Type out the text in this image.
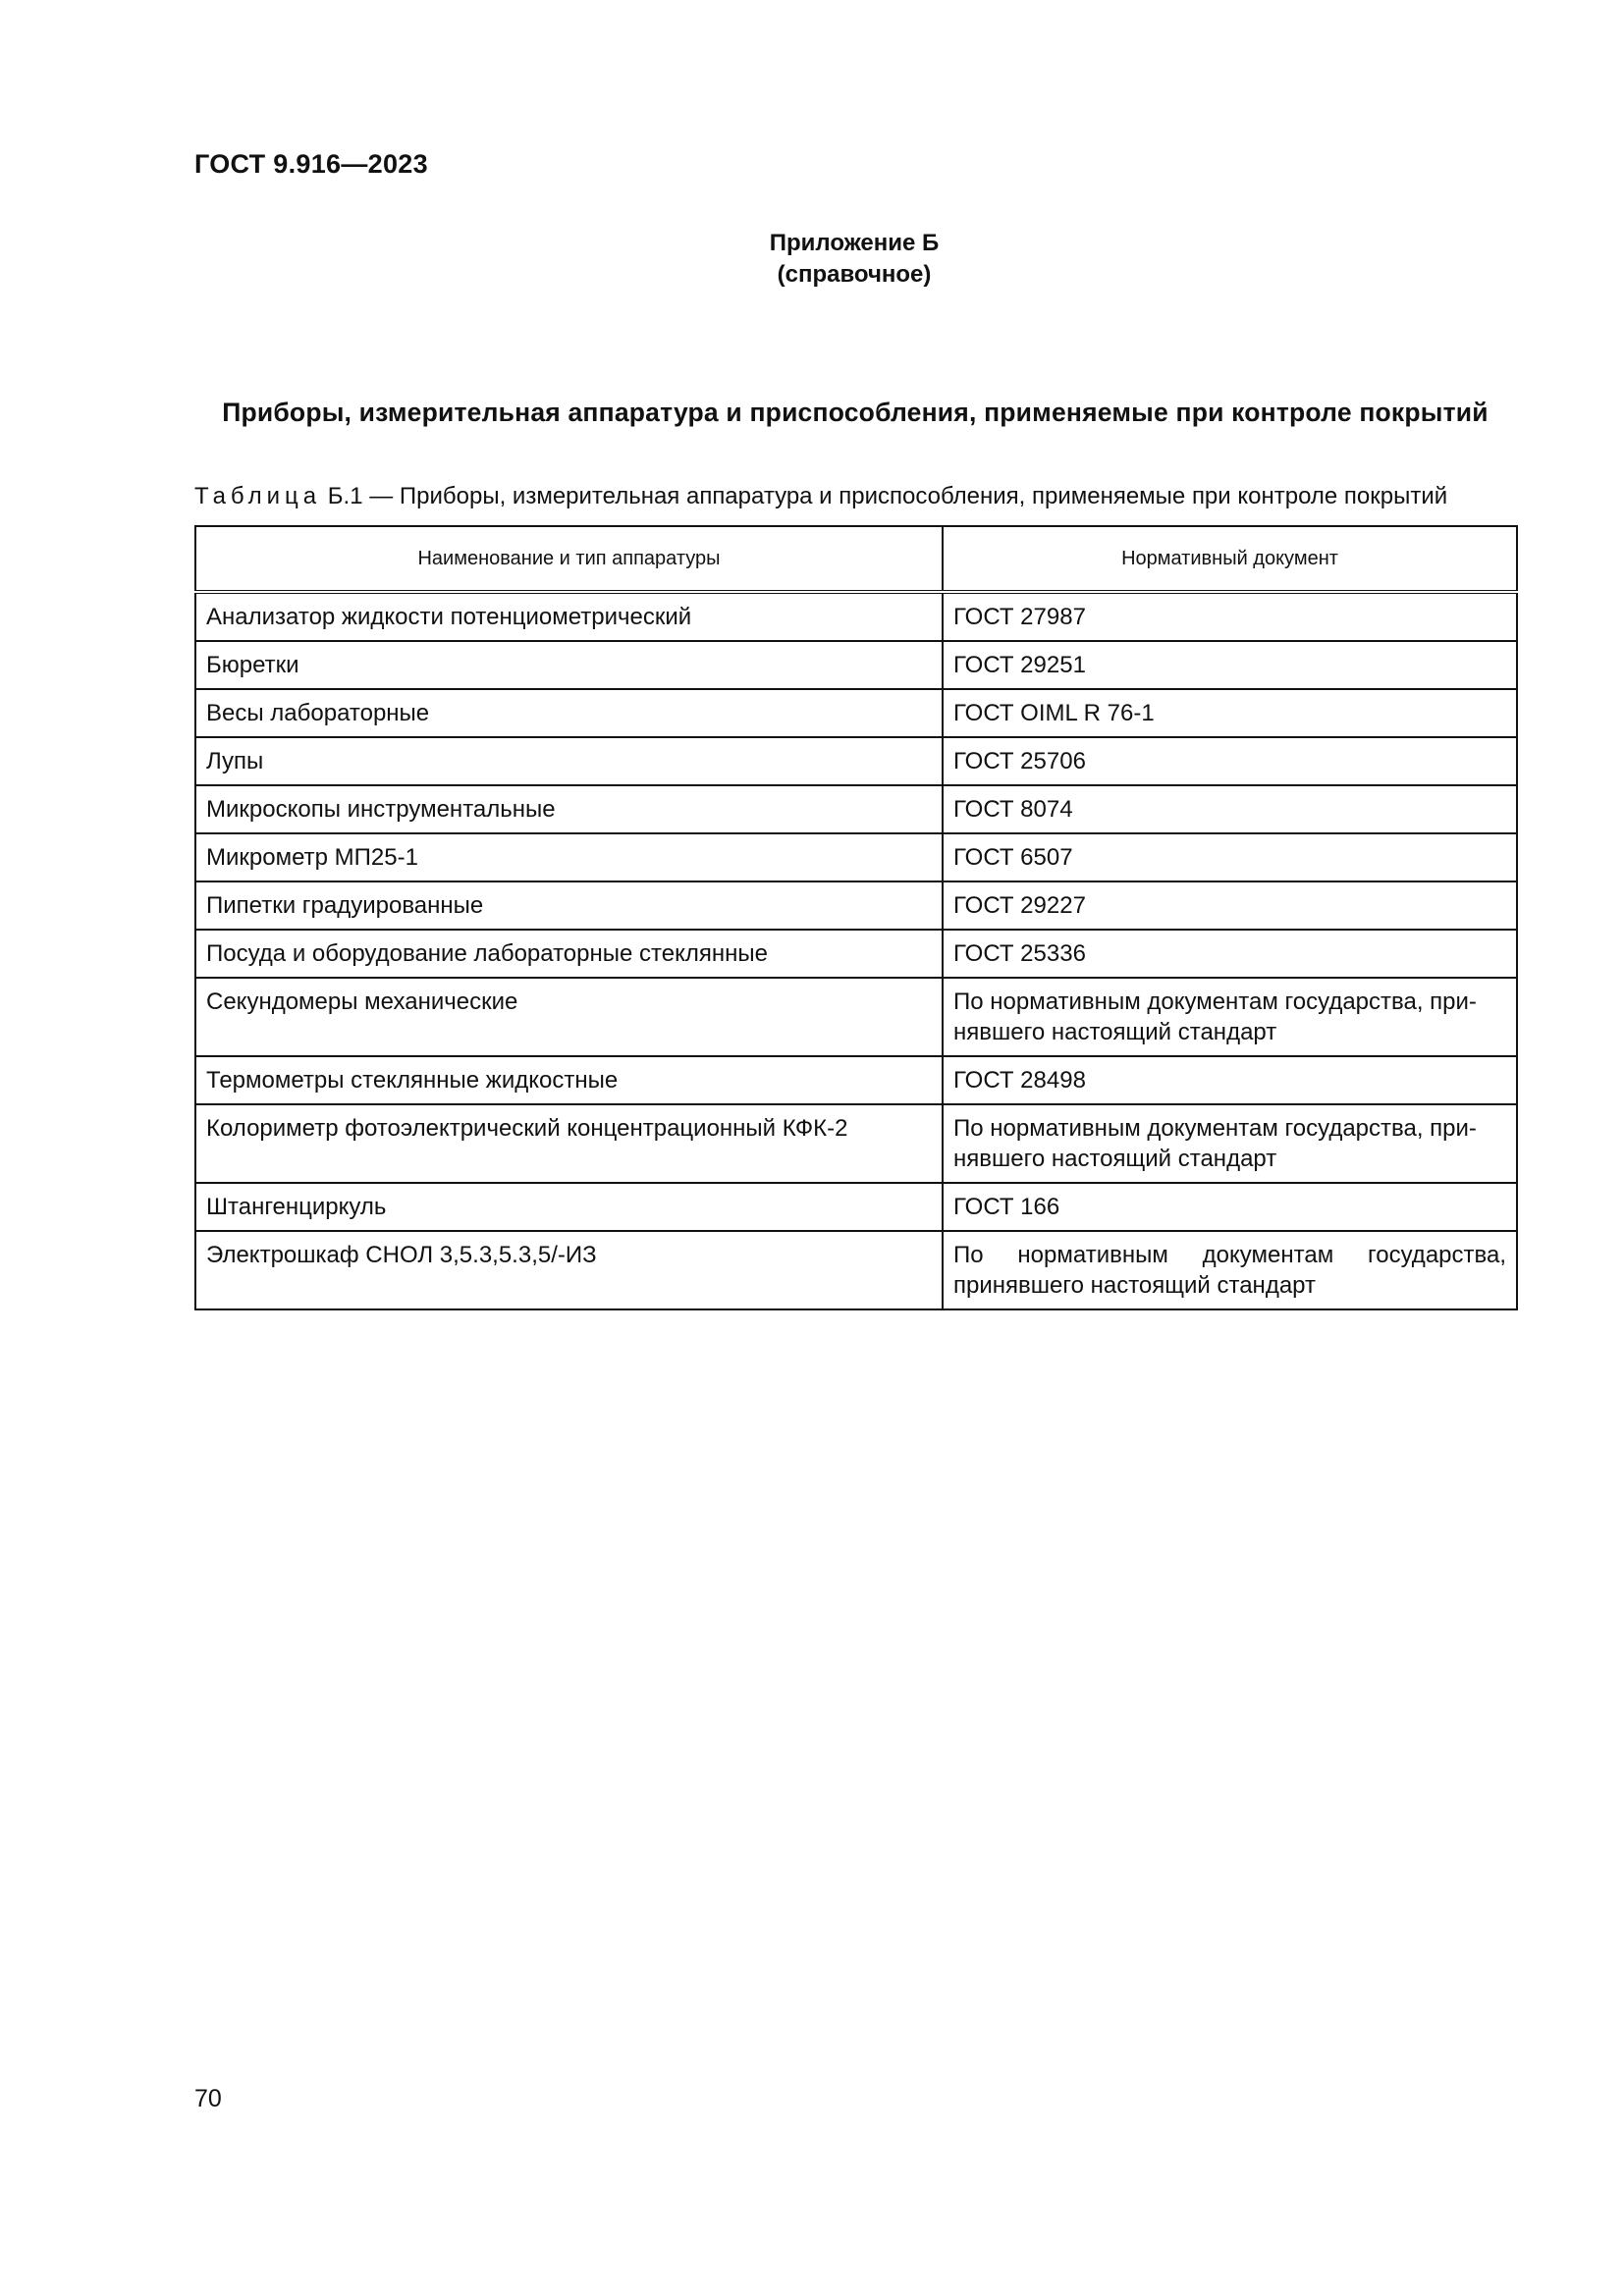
ГОСТ 9.916—2023
Приложение Б
(справочное)
Приборы, измерительная аппаратура и приспособления, применяемые при контроле покрытий
Таблица Б.1 — Приборы, измерительная аппаратура и приспособления, применяемые при контроле покрытий
Наименование и тип аппаратуры	Нормативный документ
Анализатор жидкости потенциометрический	ГОСТ 27987
Бюретки	ГОСТ 29251
Весы лабораторные	ГОСТ OIML R 76-1
Лупы	ГОСТ 25706
Микроскопы инструментальные	ГОСТ 8074
Микрометр МП25-1	ГОСТ 6507
Пипетки градуированные	ГОСТ 29227
Посуда и оборудование лабораторные стеклянные	ГОСТ 25336
Секундомеры механические	По нормативным документам государства, при-нявшего настоящий стандарт
Термометры стеклянные жидкостные	ГОСТ 28498
Колориметр фотоэлектрический концентрационный КФК-2	По нормативным документам государства, при-нявшего настоящий стандарт
Штангенциркуль	ГОСТ 166
Электрошкаф СНОЛ 3,5.3,5.3,5/-ИЗ	По нормативным документам государства, принявшего настоящий стандарт
70
